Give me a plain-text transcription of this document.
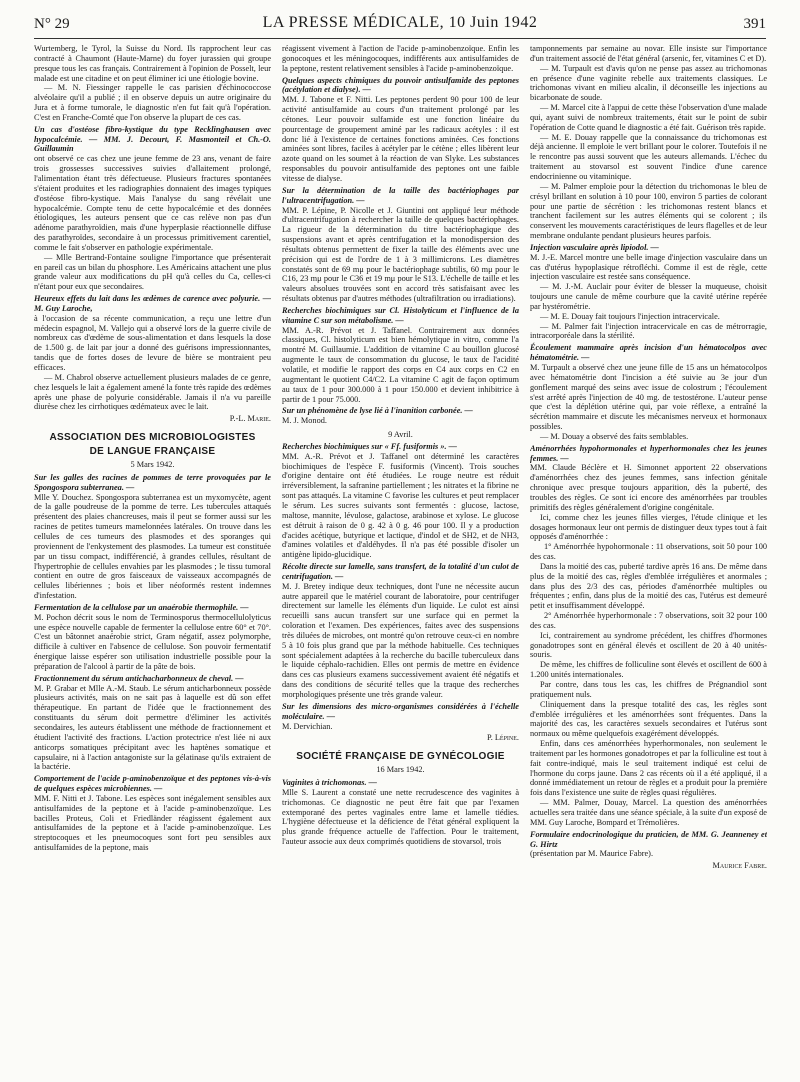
N° 29	LA PRESSE MÉDICALE, 10 Juin 1942	391

Wurtemberg, le Tyrol, la Suisse du Nord. Ils rapprochent leur cas contracté à Chaumont (Haute-Marne) du foyer jurassien qui groupe presque tous les cas français. Contrairement à l'opinion de Posselt, leur malade est une citadine et on peut éliminer ici une étiologie bovine.

— M. N. Fiessinger rappelle le cas parisien d'échinococcose alvéolaire qu'il a publié ; il en observe depuis un autre originaire du Jura et à forme tumorale, le diagnostic n'en fut fait qu'à l'opération. C'est en Franche-Comté que l'on observe la plupart de ces cas.

Un cas d'ostéose fibro-kystique du type Recklinghausen avec hypocalcémie. — MM. J. Decourt, F. Masmonteil et Ch.-O. Guillaumin

ont observé ce cas chez une jeune femme de 23 ans, venant de faire trois grossesses successives suivies d'allaitement prolongé, l'alimentation étant très défectueuse. Plusieurs fractures spontanées s'étaient produites et les radiographies donnaient des images typiques d'ostéose fibro-kystique. Mais l'analyse du sang révélait une hypocalcémie. Compte tenu de cette hypocalcémie et des données étiologiques, les auteurs pensent que ce cas relève non pas d'un adénome parathyroïdien, mais d'une hyperplasie réactionnelle diffuse des parathyroïdes, secondaire à un processus primitivement carentiel, comme le fait s'observer en pathologie expérimentale.

— Mlle Bertrand-Fontaine souligne l'importance que présenterait en pareil cas un bilan du phosphore. Les Américains attachent une plus grande valeur aux modifications du pH qu'à celles du Ca, celles-ci n'étant pour eux que secondaires.

Heureux effets du lait dans les œdèmes de carence avec polyurie. — M. Guy Laroche,

à l'occasion de sa récente communication, a reçu une lettre d'un médecin espagnol, M. Vallejo qui a observé lors de la guerre civile de nombreux cas d'œdème de sous-alimentation et dans lesquels la dose de 1.500 g. de lait par jour a donné des guérisons impressionnantes, tandis que de fortes doses de levure de bière se montraient peu efficaces.

— M. Chabrol observe actuellement plusieurs malades de ce genre, chez lesquels le lait a également amené la fonte très rapide des œdèmes après une phase de polyurie considérable. Jamais il n'a vu pareille diurèse chez les cirrhotiques œdémateux avec le lait.

P.-L. Marie.
ASSOCIATION DES MICROBIOLOGISTES
DE LANGUE FRANÇAISE

5 Mars 1942.

Sur les galles des racines de pommes de terre provoquées par le Spongospora subterranea. —

Mlle Y. Douchez. Spongospora subterranea est un myxomycète, agent de la galle poudreuse de la pomme de terre. Les tubercules attaqués présentent des plaies chancreuses, mais il peut se former aussi sur les racines de petites tumeurs mamelonnées latérales. On trouve dans les cellules de ces tumeurs des plasmodes et des sporanges qui proviennent de l'enkystement des plasmodes. La tumeur est constituée par un tissu compact, indifférencié, à grandes cellules, résultant de l'hypertrophie de cellules envahies par les plasmodes ; le tissu tumoral contient en outre de gros faisceaux de vaisseaux accompagnés de cellules libériennes ; bois et liber néoformés restent indemnes d'infestation.

Fermentation de la cellulose par un anaérobie thermophile. —

M. Pochon décrit sous le nom de Terminosporus thermocellulolyticus une espèce nouvelle capable de fermenter la cellulose entre 60° et 70°. C'est un bâtonnet anaérobie strict, Gram négatif, assez polymorphe, difficile à cultiver en l'absence de cellulose. Son pouvoir fermentatif énergique laisse espérer son utilisation industrielle possible pour la préparation de l'alcool à partir de la pâte de bois.

Fractionnement du sérum antichacharbonneux de cheval. —

M. P. Grabar et Mlle A.-M. Staub. Le sérum anticharbonneux possède plusieurs activités, mais on ne sait pas à laquelle est dû son effet thérapeutique. En partant de l'idée que le fractionnement des constituants du sérum doit permettre d'éliminer les activités secondaires, les auteurs établissent une méthode de fractionnement et étudient l'activité des fractions. L'action protectrice n'est liée ni aux anticorps somatiques précipitant avec les haptènes somatique et capsulaire, ni à l'action antagoniste sur la gélatinase qu'ils extraient de la bactérie.

Comportement de l'acide p-aminobenzoïque et des peptones vis-à-vis de quelques espèces microbiennes. —

MM. F. Nitti et J. Tabone. Les espèces sont inégalement sensibles aux antisulfamides de la peptone et à l'acide p-aminobenzoïque. Les bacilles Proteus, Coli et Friedländer réagissent également aux antisulfamides de la peptone et à l'acide p-aminobenzoïque. Les streptocoques et les pneumocoques sont fort peu sensibles aux antisulfamides de la peptone, mais

réagissent vivement à l'action de l'acide p-aminobenzoïque. Enfin les gonocoques et les méningocoques, indifférents aux antisulfamides de la peptone, restent relativement sensibles à l'acide p-aminobenzoïque.

Quelques aspects chimiques du pouvoir antisulfamide des peptones (acétylation et dialyse). —

MM. J. Tabone et F. Nitti. Les peptones perdent 90 pour 100 de leur activité antisulfamide au cours d'un traitement prolongé par les cétones. Leur pouvoir sulfamide est une fonction linéaire du pourcentage de groupement aminé par les radicaux acétyles : il est donc lié à l'existence de certaines fonctions aminées. Ces fonctions aminées sont libres, faciles à acétyler par le cétène ; elles libèrent leur azote quand on les soumet à la réaction de van Slyke. Les substances responsables du pouvoir antisulfamide des peptones ont une faible vitesse de dialyse.

Sur la détermination de la taille des bactériophages par l'ultracentrifugation. —

MM. P. Lépine, P. Nicolle et J. Giuntini ont appliqué leur méthode d'ultracentrifugation à rechercher la taille de quelques bactériophages. La rigueur de la détermination du titre bactériophagique des suspensions avant et après centrifugation et la monodispersion des résultats obtenus permettent de fixer la taille des éléments avec une précision qui est de l'ordre de 1 à 3 millimicrons. Les diamètres constatés sont de 69 mμ pour le bactériophage subtilis, 60 mμ pour le C16, 23 mμ pour le C36 et 19 mμ pour le S13. L'échelle de taille et les valeurs absolues trouvées sont en accord très satisfaisant avec les résultats obtenus par d'autres méthodes (ultrafiltration ou irradiations).

Recherches biochimiques sur Cl. Histolyticum et l'influence de la vitamine C sur son métabolisme. —

MM. A.-R. Prévot et J. Taffanel. Contrairement aux données classiques, Cl. histolyticum est bien hémolytique in vitro, comme l'a montré M. Guillaumie. L'addition de vitamine C au bouillon glucosé augmente le taux de consommation du glucose, le taux de l'acidité volatile, et modifie le rapport des corps en C4 aux corps en C2 en augmentant le quotient C4/C2. La vitamine C agit de façon optimum au taux de 1 pour 300.000 à 1 pour 150.000 et devient inhibitrice à partir de 1 pour 75.000.

Sur un phénomène de lyse lié à l'inanition carbonée. —

M. J. Monod.

9 Avril.

Recherches biochimiques sur « Ff. fusiformis ». —

MM. A.-R. Prévot et J. Taffanel ont déterminé les caractères biochimiques de l'espèce F. fusiformis (Vincent). Trois souches d'origine dentaire ont été étudiées. Le rouge neutre est réduit irréversiblement, la safranine partiellement ; les nitrates et la fibrine ne sont pas attaqués. La vitamine C favorise les cultures et peut remplacer le sérum. Les sucres suivants sont fermentés : glucose, lactose, maltose, mannite, lévulose, galactose, arabinose et xylose. Le glucose est détruit à raison de 0 g. 42 à 0 g. 46 pour 100. Il y a production d'acides acétique, butyrique et lactique, d'indol et de SH2, et de NH3, d'amines volatiles et d'aldéhydes. Il n'a pas été possible d'isoler un antigène lipido-glucidique.

Récolte directe sur lamelle, sans transfert, de la totalité d'un culot de centrifugation. —

M. J. Bretey indique deux techniques, dont l'une ne nécessite aucun autre appareil que le matériel courant de laboratoire, pour centrifuger directement sur lamelle les éléments d'un liquide. Le culot est ainsi recueilli sans aucun transfert sur une surface qui en permet la coloration et l'examen. Des expériences, faites avec des suspensions très diluées de microbes, ont montré qu'on retrouve ceux-ci en nombre 5 à 10 fois plus grand que par la méthode habituelle. Ces techniques sont spécialement adaptées à la recherche du bacille tuberculeux dans le liquide céphalo-rachidien. Elles ont permis de mettre en évidence dans ces cas plusieurs examens successivement avaient été négatifs et dans des conditions de sécurité telles que la traque des recherches morphologiques présente une très grande valeur.

Sur les dimensions des micro-organismes considérées à l'échelle moléculaire. —

M. Dervichian.

P. Lépine.
SOCIÉTÉ FRANÇAISE DE GYNÉCOLOGIE

16 Mars 1942.

Vaginites à trichomonas. —

Mlle S. Laurent a constaté une nette recrudescence des vaginites à trichomonas. Ce diagnostic ne peut être fait que par l'examen extemporané des pertes vaginales entre lame et lamelle tiédies. L'hygiène défectueuse et la déficience de l'état général expliquent la plus grande fréquence actuelle de l'affection. Pour le traitement, l'auteur associe aux deux comprimés quotidiens de stovarsol, trois

tamponnements par semaine au novar. Elle insiste sur l'importance d'un traitement associé de l'état général (arsenic, fer, vitamines C et D).

— M. Turpault est d'avis qu'on ne pense pas assez au trichomonas en présence d'une vaginite rebelle aux traitements classiques. Le trichomonas vivant en milieu alcalin, il déconseille les injections au bicarbonate de soude.

— M. Marcel cite à l'appui de cette thèse l'observation d'une malade qui, ayant suivi de nombreux traitements, était sur le point de subir l'opération de Cotte quand le diagnostic a été fait. Guérison très rapide.

— M. E. Douay rappelle que la connaissance du trichomonas est déjà ancienne. Il emploie le vert brillant pour le colorer. Toutefois il ne le rencontre pas aussi souvent que les auteurs allemands. L'échec du traitement au stovarsol est souvent l'indice d'une carence endocrinienne ou vitaminique.

— M. Palmer emploie pour la détection du trichomonas le bleu de crésyl brillant en solution à 10 pour 100, environ 5 parties de colorant pour une partie de sécrétion : les trichomonas restent blancs et tranchent facilement sur les autres éléments qui se colorent ; ils conservent les mouvements caractéristiques de leurs flagelles et de leur membrane ondulante pendant plusieurs heures parfois.

Injection vasculaire après lipiodol. —

M. J.-E. Marcel montre une belle image d'injection vasculaire dans un cas d'utérus hypoplasique rétrofléchi. Comme il est de règle, cette injection vasculaire est restée sans conséquence.

— M. J.-M. Auclair pour éviter de blesser la muqueuse, choisit toujours une canule de même courbure que la cavité utérine repérée par hystérométrie.

— M. E. Douay fait toujours l'injection intracervicale.

— M. Palmer fait l'injection intracervicale en cas de métrorragie, intracorporéale dans la stérilité.

Écoulement mammaire après incision d'un hématocolpos avec hématométrie. —

M. Turpault a observé chez une jeune fille de 15 ans un hématocolpos avec hématométrie dont l'incision a été suivie au 3e jour d'un gonflement marqué des seins avec issue de colostrum ; l'écoulement s'est arrêté après l'injection de 40 mg. de testostérone. L'auteur pense que c'est la déplétion utérine qui, par voie réflexe, a entraîné la sécrétion mammaire et discute les mécanismes nerveux et hormonaux possibles.

— M. Douay a observé des faits semblables.

Aménorrhées hypohormonales et hyperhormonales chez les jeunes femmes. —

MM. Claude Béclère et H. Simonnet apportent 22 observations d'aménorrhées chez des jeunes femmes, sans infection génitale chronique avec presque toujours apparition, dès la puberté, des troubles des règles. Ce sont ici encore des aménorrhées par troubles primitifs des règles généralement d'origine congénitale.

Ici, comme chez les jeunes filles vierges, l'étude clinique et les dosages hormonaux leur ont permis de distinguer deux types tout à fait opposés d'aménorrhée :

1° Aménorrhée hypohormonale : 11 observations, soit 50 pour 100 des cas.

Dans la moitié des cas, puberté tardive après 16 ans. De même dans plus de la moitié des cas, règles d'emblée irrégulières et anormales ; dans plus des 2/3 des cas, périodes d'aménorrhée multiples ou fréquentes ; enfin, dans plus de la moitié des cas, l'utérus est demeuré petit et insuffisamment développé.

2° Aménorrhée hyperhormonale : 7 observations, soit 32 pour 100 des cas.

Ici, contrairement au syndrome précédent, les chiffres d'hormones gonadotropes sont en général élevés et oscillent de 20 à 40 unités-souris.

De même, les chiffres de folliculine sont élevés et oscillent de 600 à 1.200 unités internationales.

Par contre, dans tous les cas, les chiffres de Prégnandiol sont pratiquement nuls.

Cliniquement dans la presque totalité des cas, les règles sont d'emblée irrégulières et les aménorrhées sont fréquentes. Dans la majorité des cas, les caractères sexuels secondaires et l'utérus sont normaux ou même quelquefois exagérément développés.

Enfin, dans ces aménorrhées hyperhormonales, non seulement le traitement par les hormones gonadotropes et par la folliculine est tout à fait contre-indiqué, mais le seul traitement indiqué est celui de l'hormone du corps jaune. Dans 2 cas récents où il a été appliqué, il a donné immédiatement un retour de règles et a produit pour la première fois dans l'existence une suite de règles quasi régulières.

— MM. Palmer, Douay, Marcel. La question des aménorrhées actuelles sera traitée dans une séance spéciale, à la suite d'un exposé de MM. Guy Laroche, Bompard et Trémolières.

Formulaire endocrinologique du praticien, de MM. G. Jeanneney et G. Hirtz

(présentation par M. Maurice Fabre).

Maurice Fabre.
